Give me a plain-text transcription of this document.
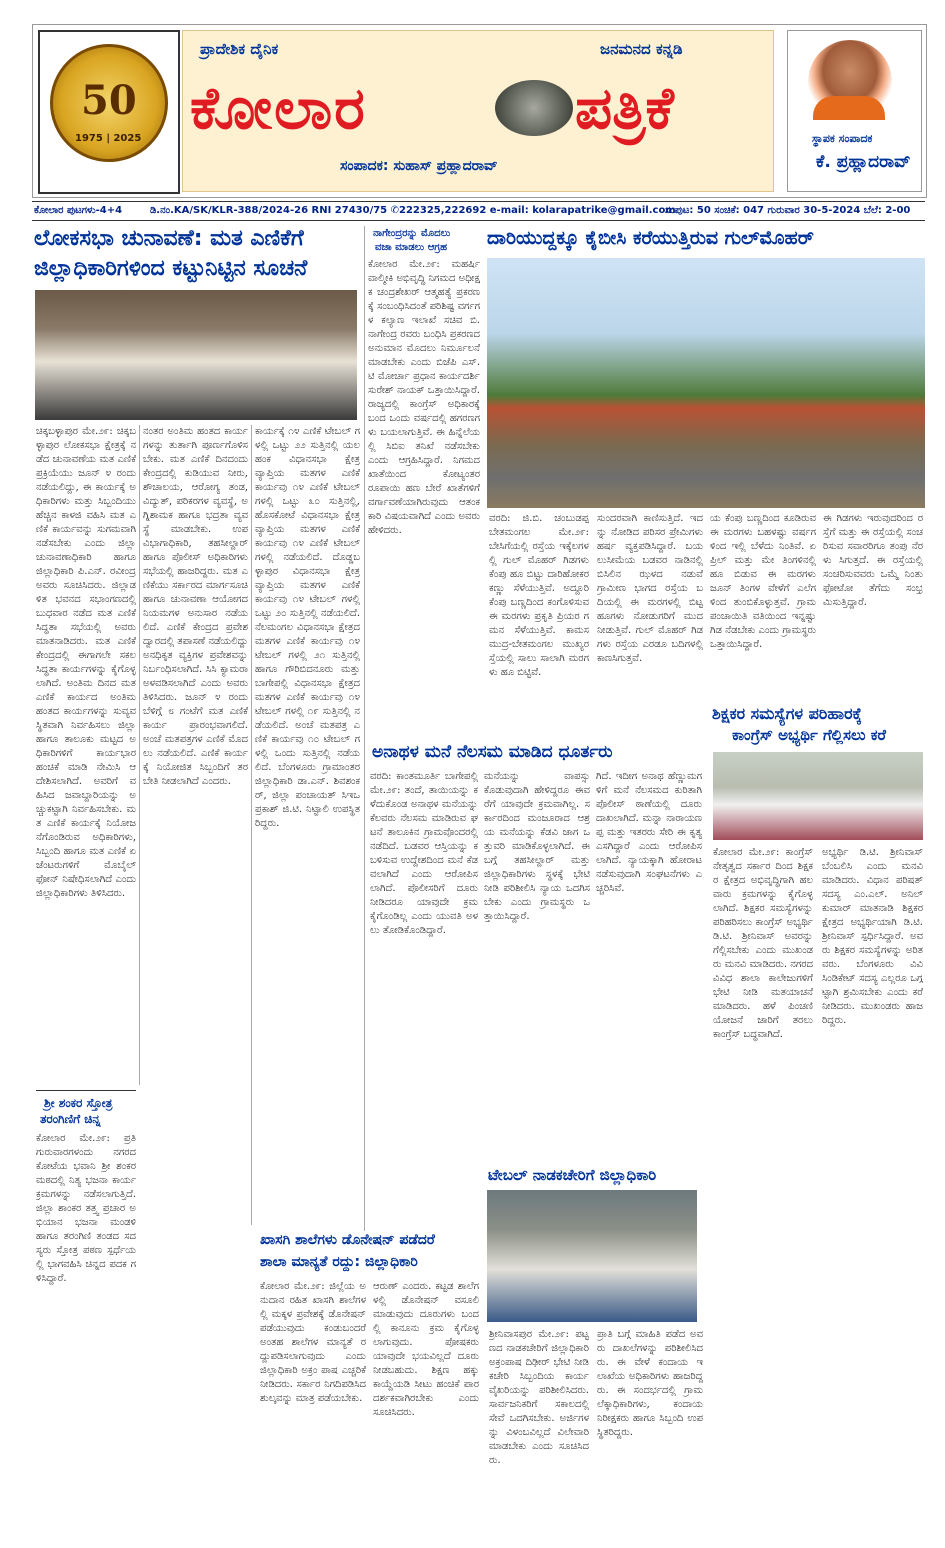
50
1975 | 2025
ಪ್ರಾದೇಶಿಕ ದೈನಿಕ	ಜನಮನದ ಕನ್ನಡಿ
ಕೋಲಾರ	ಪತ್ರಿಕೆ
ಸಂಪಾದಕ: ಸುಹಾಸ್ ಪ್ರಹ್ಲಾದರಾವ್
ಸ್ಥಾಪಕ ಸಂಪಾದಕ
ಕೆ. ಪ್ರಹ್ಲಾದರಾವ್
ಕೋಲಾರ ಪುಟಗಳು-4+4	ಡಿ.ನಂ.KA/SK/KLR-388/2024-26 RNI 27430/75 ✆222325,222692 e-mail: kolarapatrike@gmail.com
ಸಂಪುಟ: 50 ಸಂಚಿಕೆ: 047 ಗುರುವಾರ 30-5-2024 ಬೆಲೆ: 2-00
ಲೋಕಸಭಾ ಚುನಾವಣೆ: ಮತ ಎಣಿಕೆಗೆ
ಜಿಲ್ಲಾಧಿಕಾರಿಗಳಿಂದ ಕಟ್ಟುನಿಟ್ಟಿನ ಸೂಚನೆ
ಚಿಕ್ಕಬಳ್ಳಾಪುರ ಮೇ.೨೯: ಚಿಕ್ಕಬಳ್ಳಾಪುರ ಲೋಕಸಭಾ ಕ್ಷೇತ್ರಕ್ಕೆ ನಡೆದ ಚುನಾವಣೆಯ ಮತ ಎಣಿಕೆ ಪ್ರಕ್ರಿಯೆಯು ಜೂನ್ ೪ ರಂದು ನಡೆಯಲಿದ್ದು, ಈ ಕಾರ್ಯಕ್ಕೆ ಅಧಿಕಾರಿಗಳು ಮತ್ತು ಸಿಬ್ಬಂದಿಯು ಹೆಚ್ಚಿನ ಕಾಳಜಿ ವಹಿಸಿ ಮತ ಎಣಿಕೆ ಕಾರ್ಯವನ್ನು ಸುಗಮವಾಗಿ ನಡೆಸಬೇಕು ಎಂದು ಜಿಲ್ಲಾ ಚುನಾವಣಾಧಿಕಾರಿ ಹಾಗೂ ಜಿಲ್ಲಾಧಿಕಾರಿ ಪಿ.ಎನ್. ರವೀಂದ್ರ ಅವರು ಸೂಚಿಸಿದರು. ಜಿಲ್ಲಾಡಳಿತ ಭವನದ ಸಭಾಂಗಣದಲ್ಲಿ ಬುಧವಾರ ನಡೆದ ಮತ ಎಣಿಕೆ ಸಿದ್ಧತಾ ಸಭೆಯಲ್ಲಿ ಅವರು ಮಾತನಾಡಿದರು. ಮತ ಎಣಿಕೆ ಕೇಂದ್ರದಲ್ಲಿ ಈಗಾಗಲೇ ಸಕಲ ಸಿದ್ಧತಾ ಕಾರ್ಯಗಳನ್ನು ಕೈಗೊಳ್ಳಲಾಗಿದೆ. ಅಂತಿಮ ದಿನದ ಮತ ಎಣಿಕೆ ಕಾರ್ಯದ ಅಂತಿಮ ಹಂತದ ಕಾರ್ಯಗಳನ್ನು ಸುವ್ಯವಸ್ಥಿತವಾಗಿ ನಿರ್ವಹಿಸಲು ಜಿಲ್ಲಾ ಹಾಗೂ ತಾಲೂಕು ಮಟ್ಟದ ಅಧಿಕಾರಿಗಳಿಗೆ ಕಾರ್ಯಭಾರ ಹಂಚಿಕೆ ಮಾಡಿ ನೇಮಿಸಿ ಆದೇಶಿಸಲಾಗಿದೆ. ಅವರಿಗೆ ವಹಿಸಿದ ಜವಾಬ್ದಾರಿಯನ್ನು ಅಚ್ಚುಕಟ್ಟಾಗಿ ನಿರ್ವಹಿಸಬೇಕು. ಮತ ಎಣಿಕೆ ಕಾರ್ಯಕ್ಕೆ ನಿಯೋಜನೆಗೊಂಡಿರುವ ಅಧಿಕಾರಿಗಳು, ಸಿಬ್ಬಂದಿ ಹಾಗೂ ಮತ ಎಣಿಕೆ ಏಜೆಂಟರುಗಳಿಗೆ ಮೊಬೈಲ್ ಫೋನ್ ನಿಷೇಧಿಸಲಾಗಿದೆ ಎಂದು ಜಿಲ್ಲಾಧಿಕಾರಿಗಳು ತಿಳಿಸಿದರು.
ನಂತರ ಅಂತಿಮ ಹಂತದ ಕಾರ್ಯಗಳನ್ನು ತುರ್ತಾಗಿ ಪೂರ್ಣಗೊಳಿಸಬೇಕು. ಮತ ಎಣಿಕೆ ದಿನದಂದು ಕೇಂದ್ರದಲ್ಲಿ ಕುಡಿಯುವ ನೀರು, ಶೌಚಾಲಯ, ಆರೋಗ್ಯ ತಂಡ, ವಿದ್ಯುತ್, ಪರಿಕರಗಳ ವ್ಯವಸ್ಥೆ, ಅಗ್ನಿಶಾಮಕ ಹಾಗೂ ಭದ್ರತಾ ವ್ಯವಸ್ಥೆ ಮಾಡಬೇಕು. ಉಪವಿಭಾಗಾಧಿಕಾರಿ, ತಹಸೀಲ್ದಾರ್ ಹಾಗೂ ಪೊಲೀಸ್ ಅಧಿಕಾರಿಗಳು ಸಭೆಯಲ್ಲಿ ಹಾಜರಿದ್ದರು. ಮತ ಎಣಿಕೆಯು ಸರ್ಕಾರದ ಮಾರ್ಗಸೂಚಿ ಹಾಗೂ ಚುನಾವಣಾ ಆಯೋಗದ ನಿಯಮಗಳ ಅನುಸಾರ ನಡೆಯಲಿದೆ. ಎಣಿಕೆ ಕೇಂದ್ರದ ಪ್ರವೇಶದ್ವಾರದಲ್ಲಿ ತಪಾಸಣೆ ನಡೆಯಲಿದ್ದು ಅನಧಿಕೃತ ವ್ಯಕ್ತಿಗಳ ಪ್ರವೇಶವನ್ನು ನಿರ್ಬಂಧಿಸಲಾಗಿದೆ. ಸಿಸಿ ಕ್ಯಾಮರಾ ಅಳವಡಿಸಲಾಗಿದೆ ಎಂದು ಅವರು ತಿಳಿಸಿದರು. ಜೂನ್ ೪ ರಂದು ಬೆಳಿಗ್ಗೆ ೮ ಗಂಟೆಗೆ ಮತ ಎಣಿಕೆ ಕಾರ್ಯ ಪ್ರಾರಂಭವಾಗಲಿದೆ. ಅಂಚೆ ಮತಪತ್ರಗಳ ಎಣಿಕೆ ಮೊದಲು ನಡೆಯಲಿದೆ. ಎಣಿಕೆ ಕಾರ್ಯಕ್ಕೆ ನಿಯೋಜಿತ ಸಿಬ್ಬಂದಿಗೆ ತರಬೇತಿ ನೀಡಲಾಗಿದೆ ಎಂದರು.
ಕಾರ್ಯಕ್ಕೆ ೧೪ ಎಣಿಕೆ ಟೇಬಲ್ ಗಳಲ್ಲಿ ಒಟ್ಟು ೨೨ ಸುತ್ತಿನಲ್ಲಿ ಯಲಹಂಕ ವಿಧಾನಸಭಾ ಕ್ಷೇತ್ರ ವ್ಯಾಪ್ತಿಯ ಮತಗಳ ಎಣಿಕೆ ಕಾರ್ಯವು ೧೪ ಎಣಿಕೆ ಟೇಬಲ್ ಗಳಲ್ಲಿ ಒಟ್ಟು ೩೦ ಸುತ್ತಿನಲ್ಲಿ, ಹೊಸಕೋಟೆ ವಿಧಾನಸಭಾ ಕ್ಷೇತ್ರ ವ್ಯಾಪ್ತಿಯ ಮತಗಳ ಎಣಿಕೆ ಕಾರ್ಯವು ೧೪ ಎಣಿಕೆ ಟೇಬಲ್ ಗಳಲ್ಲಿ ನಡೆಯಲಿದೆ. ದೊಡ್ಡಬಳ್ಳಾಪುರ ವಿಧಾನಸಭಾ ಕ್ಷೇತ್ರ ವ್ಯಾಪ್ತಿಯ ಮತಗಳ ಎಣಿಕೆ ಕಾರ್ಯವು ೧೪ ಟೇಬಲ್ ಗಳಲ್ಲಿ ಒಟ್ಟು ೨೦ ಸುತ್ತಿನಲ್ಲಿ ನಡೆಯಲಿದೆ. ನೆಲಮಂಗಲ ವಿಧಾನಸಭಾ ಕ್ಷೇತ್ರದ ಮತಗಳ ಎಣಿಕೆ ಕಾರ್ಯವು ೧೪ ಟೇಬಲ್ ಗಳಲ್ಲಿ ೨೧ ಸುತ್ತಿನಲ್ಲಿ ಹಾಗೂ ಗೌರಿಬಿದನೂರು ಮತ್ತು ಬಾಗೇಪಲ್ಲಿ ವಿಧಾನಸಭಾ ಕ್ಷೇತ್ರದ ಮತಗಳ ಎಣಿಕೆ ಕಾರ್ಯವು ೧೪ ಟೇಬಲ್ ಗಳಲ್ಲಿ ೧೯ ಸುತ್ತಿನಲ್ಲಿ ನಡೆಯಲಿದೆ. ಅಂಚೆ ಮತಪತ್ರ ಎಣಿಕೆ ಕಾರ್ಯವು ೧೦ ಟೇಬಲ್ ಗಳಲ್ಲಿ ಒಂದು ಸುತ್ತಿನಲ್ಲಿ ನಡೆಯಲಿದೆ. ಬೆಂಗಳೂರು ಗ್ರಾಮಾಂತರ ಜಿಲ್ಲಾಧಿಕಾರಿ ಡಾ.ಎನ್. ಶಿವಶಂಕರ್, ಜಿಲ್ಲಾ ಪಂಚಾಯತ್ ಸಿಇಒ ಪ್ರಕಾಶ್ ಜಿ.ಟಿ. ನಿಟ್ಟಾಲಿ ಉಪಸ್ಥಿತರಿದ್ದರು.
ಶ್ರೀ ಶಂಕರ ಸ್ತೋತ್ರ
ತರಂಗಿಣಿಗೆ ಚಿನ್ನ
ಕೋಲಾರ ಮೇ.೨೯: ಪ್ರತಿ ಗುರುವಾರಗಳಂದು ನಗರದ ಕೋಟೆಯ ಭವಾನಿ ಶ್ರೀ ಶಂಕರ ಮಠದಲ್ಲಿ ನಿತ್ಯ ಭಜನಾ ಕಾರ್ಯಕ್ರಮಗಳನ್ನು ನಡೆಸಲಾಗುತ್ತಿದೆ. ಜಿಲ್ಲಾ ಶಾಂಕರ ತತ್ತ್ವ ಪ್ರಚಾರ ಅಭಿಯಾನ ಭಜನಾ ಮಂಡಳಿ ಹಾಗೂ ತರಂಗಿಣಿ ತಂಡದ ಸದಸ್ಯರು ಸ್ತೋತ್ರ ಪಠಣ ಸ್ಪರ್ಧೆಯಲ್ಲಿ ಭಾಗವಹಿಸಿ ಚಿನ್ನದ ಪದಕ ಗಳಿಸಿದ್ದಾರೆ.
ನಾಗೇಂದ್ರರನ್ನು ಮೊದಲು
ವಜಾ ಮಾಡಲು ಆಗ್ರಹ
ಕೋಲಾರ ಮೇ.೨೯: ಮಹರ್ಷಿ ವಾಲ್ಮೀಕಿ ಅಭಿವೃದ್ಧಿ ನಿಗಮದ ಅಧೀಕ್ಷಕ ಚಂದ್ರಶೇಖರ್ ಆತ್ಮಹತ್ಯೆ ಪ್ರಕರಣಕ್ಕೆ ಸಂಬಂಧಿಸಿದಂತೆ ಪರಿಶಿಷ್ಟ ವರ್ಗಗಳ ಕಲ್ಯಾಣ ಇಲಾಖೆ ಸಚಿವ ಬಿ.ನಾಗೇಂದ್ರ ರವರು ಬಂಧಿಸಿ ಪ್ರಕರಣದ ಅನುಮಾನ ಮೊದಲು ನಿರ್ಮೂಲನೆ ಮಾಡಬೇಕು ಎಂದು ಬಿಜೆಪಿ ಎಸ್.ಟಿ ಮೋರ್ಚಾ ಪ್ರಧಾನ ಕಾರ್ಯದರ್ಶಿ ಸುರೇಶ್ ನಾಯಕ್ ಒತ್ತಾಯಿಸಿದ್ದಾರೆ. ರಾಜ್ಯದಲ್ಲಿ ಕಾಂಗ್ರೆಸ್ ಅಧಿಕಾರಕ್ಕೆ ಬಂದ ಒಂದು ವರ್ಷದಲ್ಲಿ ಹಗರಣಗಳು ಬಯಲಾಗುತ್ತಿವೆ. ಈ ಹಿನ್ನೆಲೆಯಲ್ಲಿ ಸಿಬಿಐ ತನಿಖೆ ನಡೆಸಬೇಕು ಎಂದು ಆಗ್ರಹಿಸಿದ್ದಾರೆ. ನಿಗಮದ ಖಾತೆಯಿಂದ ಕೋಟ್ಯಂತರ ರೂಪಾಯಿ ಹಣ ಬೇರೆ ಖಾತೆಗಳಿಗೆ ವರ್ಗಾವಣೆಯಾಗಿರುವುದು ಆತಂಕಕಾರಿ ವಿಷಯವಾಗಿದೆ ಎಂದು ಅವರು ಹೇಳಿದರು.
ದಾರಿಯುದ್ದಕ್ಕೂ ಕೈಬೀಸಿ ಕರೆಯುತ್ತಿರುವ ಗುಲ್‌ಮೊಹರ್
ವರದಿ: ಜಿ.ಬಿ. ಚಂಬುಡಪ್ಪ ಬೇತಮಂಗಲ ಮೇ.೨೯: ಬೇಸಿಗೆಯಲ್ಲಿ ರಸ್ತೆಯ ಇಕ್ಕೆಲಗಳಲ್ಲಿ ಗುಲ್ ಮೊಹರ್ ಗಿಡಗಳು ಕೆಂಪು ಹೂ ಬಿಟ್ಟು ದಾರಿಹೋಕರ ಕಣ್ಣು ಸೆಳೆಯುತ್ತಿವೆ. ಅದ್ದೂರಿ ಕೆಂಪು ಬಣ್ಣದಿಂದ ಕಂಗೊಳಿಸುವ ಈ ಮರಗಳು ಪ್ರಕೃತಿ ಪ್ರಿಯರ ಗಮನ ಸೆಳೆಯುತ್ತಿವೆ. ಕಾಮಸಮುದ್ರ-ಬೇತಮಂಗಲ ಮುಖ್ಯರಸ್ತೆಯಲ್ಲಿ ಸಾಲು ಸಾಲಾಗಿ ಮರಗಳು ಹೂ ಬಿಟ್ಟಿವೆ.
ಸುಂದರವಾಗಿ ಕಾಣಿಸುತ್ತಿದೆ. ಇದನ್ನು ನೋಡಿದ ಪರಿಸರ ಪ್ರೇಮಿಗಳು ಹರ್ಷ ವ್ಯಕ್ತಪಡಿಸಿದ್ದಾರೆ. ಬಯಲುಸೀಮೆಯ ಬಡವರ ನಾಡಿನಲ್ಲಿ ಬಿಸಿಲಿನ ಝಳದ ನಡುವೆ ಗ್ರಾಮೀಣ ಭಾಗದ ರಸ್ತೆಯ ಬದಿಯಲ್ಲಿ ಈ ಮರಗಳಲ್ಲಿ ಬಿಟ್ಟ ಹೂಗಳು ನೋಡುಗರಿಗೆ ಮುದ ನೀಡುತ್ತಿವೆ. ಗುಲ್ ಮೊಹರ್ ಗಿಡಗಳು ರಸ್ತೆಯ ಎರಡೂ ಬದಿಗಳಲ್ಲಿ ಕಾಣಸಿಗುತ್ತವೆ.
ಯ ಕೆಂಪು ಬಣ್ಣದಿಂದ ಕೂಡಿರುವ ಈ ಮರಗಳು ಬಹಳಷ್ಟು ವರ್ಷಗಳಿಂದ ಇಲ್ಲಿ ಬೆಳೆದು ನಿಂತಿವೆ. ಏಪ್ರಿಲ್ ಮತ್ತು ಮೇ ತಿಂಗಳಿನಲ್ಲಿ ಹೂ ಬಿಡುವ ಈ ಮರಗಳು ಜೂನ್ ತಿಂಗಳ ವೇಳೆಗೆ ಎಲೆಗಳಿಂದ ತುಂಬಿಕೊಳ್ಳುತ್ತವೆ. ಗ್ರಾಮ ಪಂಚಾಯಿತಿ ವತಿಯಿಂದ ಇನ್ನಷ್ಟು ಗಿಡ ನೆಡಬೇಕು ಎಂದು ಗ್ರಾಮಸ್ಥರು ಒತ್ತಾಯಿಸಿದ್ದಾರೆ.
ಈ ಗಿಡಗಳು ಇರುವುದರಿಂದ ರಸ್ತೆಗೆ ಮತ್ತು ಈ ರಸ್ತೆಯಲ್ಲಿ ಸಂಚರಿಸುವ ಸವಾರರಿಗೂ ತಂಪು ನೆರಳು ಸಿಗುತ್ತದೆ. ಈ ರಸ್ತೆಯಲ್ಲಿ ಸಂಚರಿಸುವವರು ಒಮ್ಮೆ ನಿಂತು ಫೋಟೋ ತೆಗೆದು ಸಂಭ್ರಮಿಸುತ್ತಿದ್ದಾರೆ.
ಶಿಕ್ಷಕರ ಸಮಸ್ಯೆಗಳ ಪರಿಹಾರಕ್ಕೆ
ಕಾಂಗ್ರೆಸ್ ಅಭ್ಯರ್ಥಿ ಗೆಲ್ಲಿಸಲು ಕರೆ
ಕೋಲಾರ ಮೇ.೨೯: ಕಾಂಗ್ರೆಸ್ ನೇತೃತ್ವದ ಸರ್ಕಾರ ದಿಂದ ಶಿಕ್ಷಕರ ಕ್ಷೇತ್ರದ ಅಭಿವೃದ್ಧಿಗಾಗಿ ಹಲವಾರು ಕ್ರಮಗಳನ್ನು ಕೈಗೊಳ್ಳಲಾಗಿದೆ. ಶಿಕ್ಷಕರ ಸಮಸ್ಯೆಗಳನ್ನು ಪರಿಹರಿಸಲು ಕಾಂಗ್ರೆಸ್ ಅಭ್ಯರ್ಥಿ ಡಿ.ಟಿ. ಶ್ರೀನಿವಾಸ್ ಅವರನ್ನು ಗೆಲ್ಲಿಸಬೇಕು ಎಂದು ಮುಖಂಡರು ಮನವಿ ಮಾಡಿದರು. ನಗರದ ವಿವಿಧ ಶಾಲಾ ಕಾಲೇಜುಗಳಿಗೆ ಭೇಟಿ ನೀಡಿ ಮತಯಾಚನೆ ಮಾಡಿದರು. ಹಳೆ ಪಿಂಚಣಿ ಯೋಜನೆ ಜಾರಿಗೆ ತರಲು ಕಾಂಗ್ರೆಸ್ ಬದ್ಧವಾಗಿದೆ.
ಅಭ್ಯರ್ಥಿ ಡಿ.ಟಿ. ಶ್ರೀನಿವಾಸ್ ಬೆಂಬಲಿಸಿ ಎಂದು ಮನವಿ ಮಾಡಿದರು. ವಿಧಾನ ಪರಿಷತ್ ಸದಸ್ಯ ಎಂ.ಎಲ್. ಅನಿಲ್ ಕುಮಾರ್ ಮಾತನಾಡಿ ಶಿಕ್ಷಕರ ಕ್ಷೇತ್ರದ ಅಭ್ಯರ್ಥಿಯಾಗಿ ಡಿ.ಟಿ. ಶ್ರೀನಿವಾಸ್ ಸ್ಪರ್ಧಿಸಿದ್ದಾರೆ. ಅವರು ಶಿಕ್ಷಕರ ಸಮಸ್ಯೆಗಳನ್ನು ಅರಿತವರು. ಬೆಂಗಳೂರು ವಿವಿ ಸಿಂಡಿಕೇಟ್ ಸದಸ್ಯ ಎಲ್ಲರೂ ಒಗ್ಗಟ್ಟಾಗಿ ಶ್ರಮಿಸಬೇಕು ಎಂದು ಕರೆ ನೀಡಿದರು. ಮುಖಂಡರು ಹಾಜರಿದ್ದರು.
ಅನಾಥಳ ಮನೆ ನೆಲಸಮ ಮಾಡಿದ ಧೂರ್ತರು
ವರದಿ: ಕಾಂತಮೂರ್ತಿ ಬಾಗೇಪಲ್ಲಿ ಮೇ.೨೯: ತಂದೆ, ತಾಯಿಯನ್ನು ಕಳೆದುಕೊಂಡ ಅನಾಥಳ ಮನೆಯನ್ನು ಕೆಲವರು ನೆಲಸಮ ಮಾಡಿರುವ ಘಟನೆ ತಾಲೂಕಿನ ಗ್ರಾಮವೊಂದರಲ್ಲಿ ನಡೆದಿದೆ. ಬಡವರ ಆಸ್ತಿಯನ್ನು ಕಬಳಿಸುವ ಉದ್ದೇಶದಿಂದ ಮನೆ ಕೆಡವಲಾಗಿದೆ ಎಂದು ಆರೋಪಿಸಲಾಗಿದೆ. ಪೊಲೀಸರಿಗೆ ದೂರು ನೀಡಿದರೂ ಯಾವುದೇ ಕ್ರಮ ಕೈಗೊಂಡಿಲ್ಲ ಎಂದು ಯುವತಿ ಅಳಲು ತೋಡಿಕೊಂಡಿದ್ದಾರೆ.
ಮನೆಯನ್ನು ವಾಪಸ್ಸು ಕೊಡುವುದಾಗಿ ಹೇಳಿದ್ದರೂ ಈವರೆಗೆ ಯಾವುದೇ ಕ್ರಮವಾಗಿಲ್ಲ. ಸರ್ಕಾರದಿಂದ ಮಂಜೂರಾದ ಆಶ್ರಯ ಮನೆಯನ್ನು ಕೆಡವಿ ಜಾಗ ಒತ್ತುವರಿ ಮಾಡಿಕೊಳ್ಳಲಾಗಿದೆ. ಈ ಬಗ್ಗೆ ತಹಸೀಲ್ದಾರ್ ಮತ್ತು ಜಿಲ್ಲಾಧಿಕಾರಿಗಳು ಸ್ಥಳಕ್ಕೆ ಭೇಟಿ ನೀಡಿ ಪರಿಶೀಲಿಸಿ ನ್ಯಾಯ ಒದಗಿಸಬೇಕು ಎಂದು ಗ್ರಾಮಸ್ಥರು ಒತ್ತಾಯಿಸಿದ್ದಾರೆ.
ಗಿದೆ. ಇದೀಗ ಅನಾಥ ಹೆಣ್ಣುಮಗಳಿಗೆ ಮನೆ ನೆಲಸಮದ ಕುರಿತಾಗಿ ಪೊಲೀಸ್ ಠಾಣೆಯಲ್ಲಿ ದೂರು ದಾಖಲಾಗಿದೆ. ಮನ್ನಾ ನಾರಾಯಣಪ್ಪ ಮತ್ತು ಇತರರು ಸೇರಿ ಈ ಕೃತ್ಯ ಎಸಗಿದ್ದಾರೆ ಎಂದು ಆರೋಪಿಸಲಾಗಿದೆ. ನ್ಯಾಯಕ್ಕಾಗಿ ಹೋರಾಟ ನಡೆಸುವುದಾಗಿ ಸಂಘಟನೆಗಳು ಎಚ್ಚರಿಸಿವೆ.
ಖಾಸಗಿ ಶಾಲೆಗಳು ಡೊನೇಷನ್ ಪಡೆದರೆ
ಶಾಲಾ ಮಾನ್ಯತೆ ರದ್ದು: ಜಿಲ್ಲಾಧಿಕಾರಿ
ಕೋಲಾರ ಮೇ.೨೯: ಜಿಲ್ಲೆಯ ಅನುದಾನ ರಹಿತ ಖಾಸಗಿ ಶಾಲೆಗಳಲ್ಲಿ ಮಕ್ಕಳ ಪ್ರವೇಶಕ್ಕೆ ಡೊನೇಷನ್ ಪಡೆಯುವುದು ಕಂಡುಬಂದರೆ ಅಂತಹ ಶಾಲೆಗಳ ಮಾನ್ಯತೆ ರದ್ದುಪಡಿಸಲಾಗುವುದು ಎಂದು ಜಿಲ್ಲಾಧಿಕಾರಿ ಅಕ್ರಂ ಪಾಷ ಎಚ್ಚರಿಕೆ ನೀಡಿದರು. ಸರ್ಕಾರ ನಿಗದಿಪಡಿಸಿದ ಶುಲ್ಕವನ್ನು ಮಾತ್ರ ಪಡೆಯಬೇಕು.
ಆರುಣ್ ಎಂದರು. ಕಟ್ಟಡ ಶಾಲೆಗಳಲ್ಲಿ ಡೊನೇಷನ್ ವಸೂಲಿ ಮಾಡುವುದು ದೂರುಗಳು ಬಂದಲ್ಲಿ ಕಾನೂನು ಕ್ರಮ ಕೈಗೊಳ್ಳಲಾಗುವುದು. ಪೋಷಕರು ಯಾವುದೇ ಭಯವಿಲ್ಲದೆ ದೂರು ನೀಡಬಹುದು. ಶಿಕ್ಷಣ ಹಕ್ಕು ಕಾಯ್ದೆಯಡಿ ಸೀಟು ಹಂಚಿಕೆ ಪಾರದರ್ಶಕವಾಗಿರಬೇಕು ಎಂದು ಸೂಚಿಸಿದರು.
ಟೇಬಲ್ ನಾಡಕಚೇರಿಗೆ ಜಿಲ್ಲಾಧಿಕಾರಿ
ಶ್ರೀನಿವಾಸಪುರ ಮೇ.೨೯: ಪಟ್ಟಣದ ನಾಡಕಚೇರಿಗೆ ಜಿಲ್ಲಾಧಿಕಾರಿ ಅಕ್ರಂಪಾಷ ದಿಢೀರ್ ಭೇಟಿ ನೀಡಿ ಕಚೇರಿ ಸಿಬ್ಬಂದಿಯ ಕಾರ್ಯವೈಖರಿಯನ್ನು ಪರಿಶೀಲಿಸಿದರು. ಸಾರ್ವಜನಿಕರಿಗೆ ಸಕಾಲದಲ್ಲಿ ಸೇವೆ ಒದಗಿಸಬೇಕು. ಅರ್ಜಿಗಳನ್ನು ವಿಳಂಬವಿಲ್ಲದೆ ವಿಲೇವಾರಿ ಮಾಡಬೇಕು ಎಂದು ಸೂಚಿಸಿದರು.
ಪ್ರಾತಿ ಬಗ್ಗೆ ಮಾಹಿತಿ ಪಡೆದ ಅವರು ದಾಖಲೆಗಳನ್ನು ಪರಿಶೀಲಿಸಿದರು. ಈ ವೇಳೆ ಕಂದಾಯ ಇಲಾಖೆಯ ಅಧಿಕಾರಿಗಳು ಹಾಜರಿದ್ದರು. ಈ ಸಂದರ್ಭದಲ್ಲಿ ಗ್ರಾಮ ಲೆಕ್ಕಾಧಿಕಾರಿಗಳು, ಕಂದಾಯ ನಿರೀಕ್ಷಕರು ಹಾಗೂ ಸಿಬ್ಬಂದಿ ಉಪಸ್ಥಿತರಿದ್ದರು.
